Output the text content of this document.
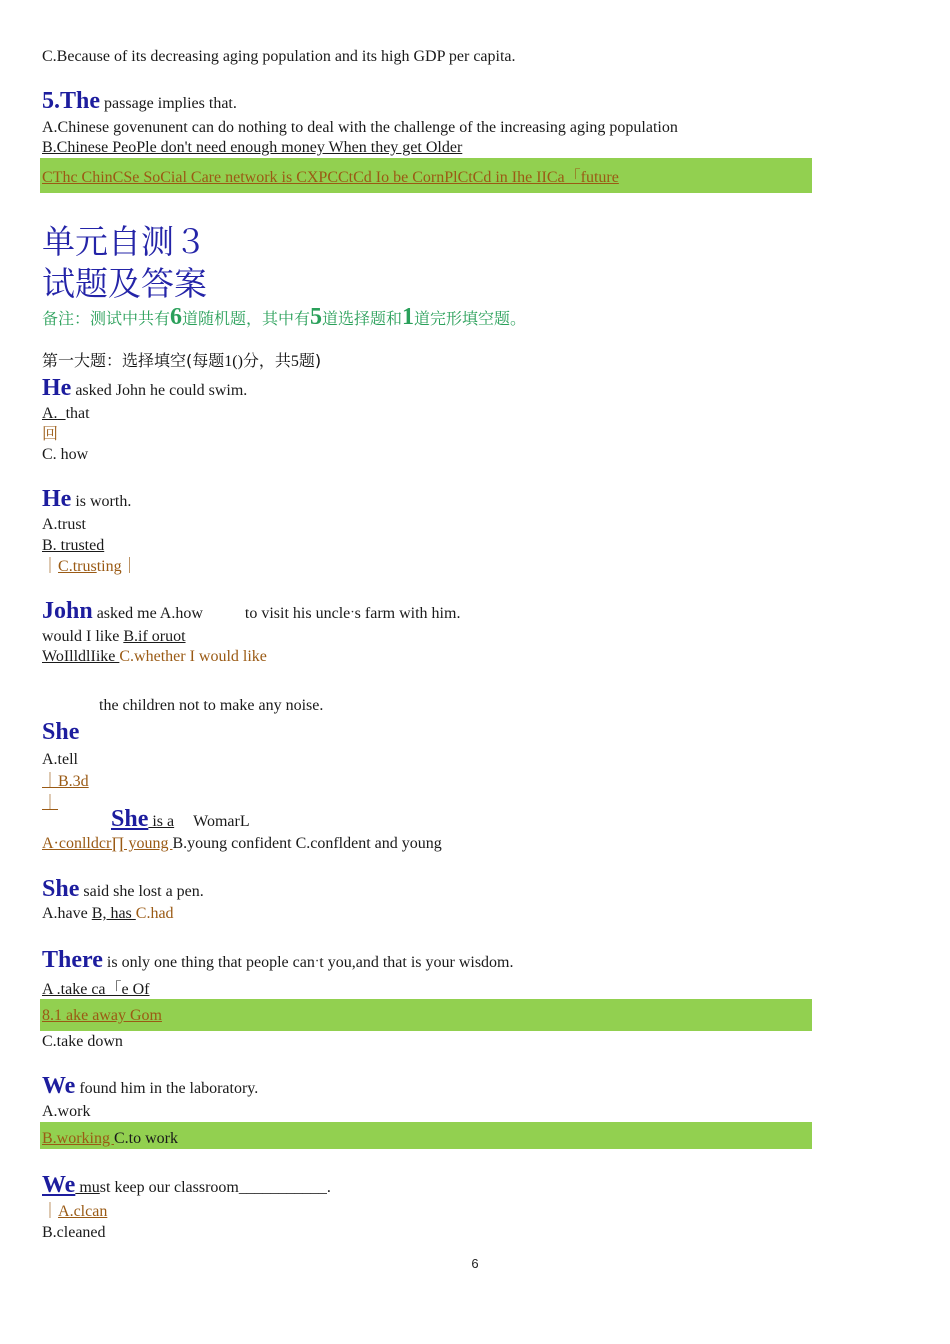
C.Because of its decreasing aging population and its high GDP per capita.
5.The passage implies that.
A.Chinese govenunent can do nothing to deal with the challenge of the increasing aging population
B.Chinese PeoPle don't need enough money When they get Older
CThc ChinCSe SoCial Care network is CXPCCtCd Io be CornPlCtCd in Ihe IICa「future
单元自测３
试题及答案
备注：测试中共有6道随机题，其中有5道选择题和1道完形填空题。
第一大题：选择填空(每题1()分，共5题)
He asked John he could swim.
A. that
回
C. how
He is worth.
A.trust
B. trusted
｜C.trusting｜
John asked me A.how	to visit his uncleˑs farm with him.
would I like B.if oruot
WoIlldlIike C.whether I would like
the children not to make any noise.
She
A.tell
｜B.3d
｜
She is a WomarL
A·conlldcr∏ young B.young confident C.confldent and young
She said she lost a pen.
A.have B, has C.had
There is only one thing that people canˑt you,and that is your wisdom.
A .take ca「e Of
8.1 ake away Gom
C.take down
We found him in the laboratory.
A.work
B.working C.to work
We must keep our classroom___________.
｜A.clcan
B.cleaned
6
